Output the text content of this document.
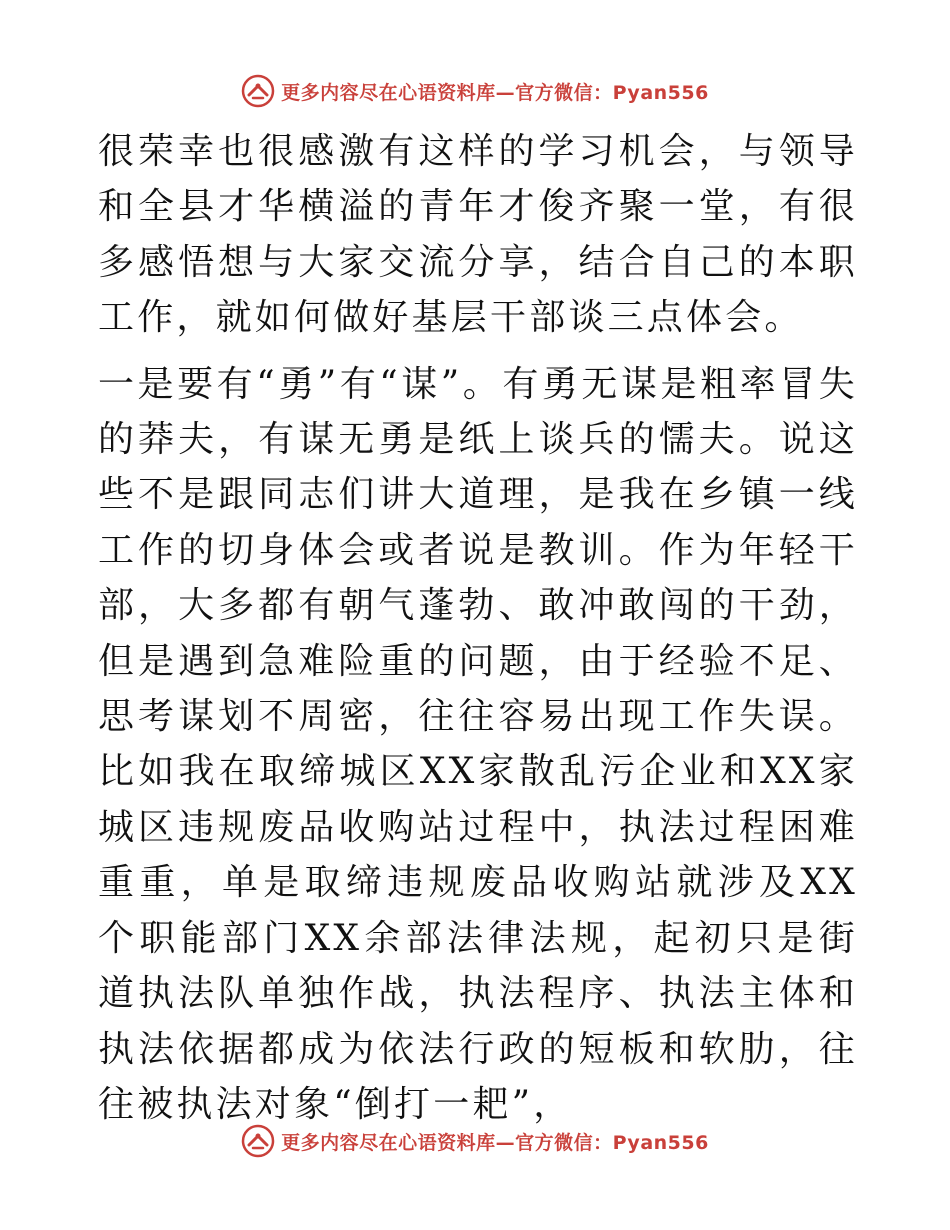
更多内容尽在心语资料库—官方微信：Pyan556

很荣幸也很感激有这样的学习机会，与领导和全县才华横溢的青年才俊齐聚一堂，有很多感悟想与大家交流分享，结合自己的本职工作，就如何做好基层干部谈三点体会。

一是要有“勇”有“谋”。有勇无谋是粗率冒失的莽夫，有谋无勇是纸上谈兵的懦夫。说这些不是跟同志们讲大道理，是我在乡镇一线工作的切身体会或者说是教训。作为年轻干部，大多都有朝气蓬勃、敢冲敢闯的干劲，但是遇到急难险重的问题，由于经验不足、思考谋划不周密，往往容易出现工作失误。比如我在取缔城区XX家散乱污企业和XX家城区违规废品收购站过程中，执法过程困难重重，单是取缔违规废品收购站就涉及XX个职能部门XX余部法律法规，起初只是街道执法队单独作战，执法程序、执法主体和执法依据都成为依法行政的短板和软肋，往往被执法对象“倒打一耙”，

更多内容尽在心语资料库—官方微信：Pyan556
